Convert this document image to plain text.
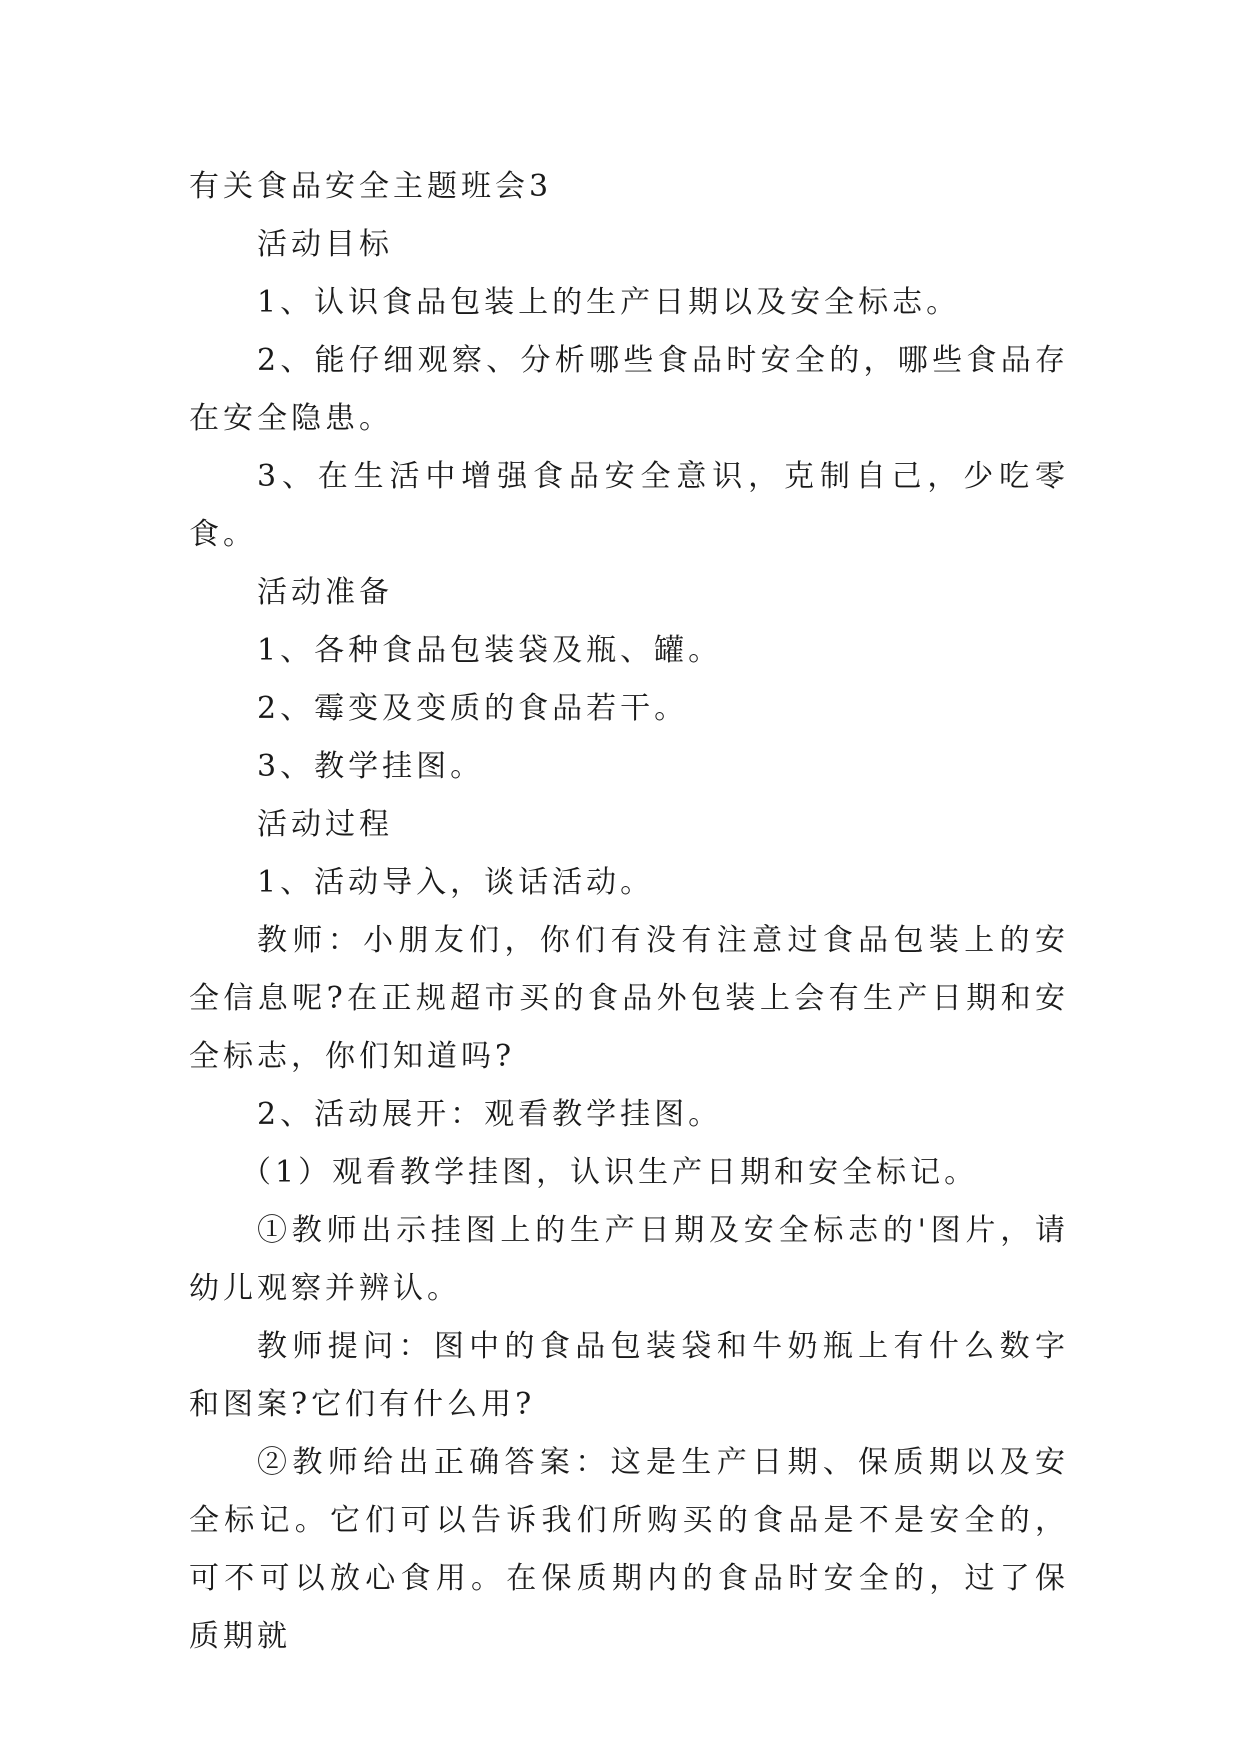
有关食品安全主题班会3

活动目标

1、认识食品包装上的生产日期以及安全标志。

2、能仔细观察、分析哪些食品时安全的，哪些食品存在安全隐患。

3、在生活中增强食品安全意识，克制自己，少吃零食。

活动准备

1、各种食品包装袋及瓶、罐。

2、霉变及变质的食品若干。

3、教学挂图。

活动过程

1、活动导入，谈话活动。

教师：小朋友们，你们有没有注意过食品包装上的安全信息呢?在正规超市买的食品外包装上会有生产日期和安全标志，你们知道吗?

2、活动展开：观看教学挂图。

（1）观看教学挂图，认识生产日期和安全标记。

①教师出示挂图上的生产日期及安全标志的'图片，请幼儿观察并辨认。

教师提问：图中的食品包装袋和牛奶瓶上有什么数字和图案?它们有什么用?

②教师给出正确答案：这是生产日期、保质期以及安全标记。它们可以告诉我们所购买的食品是不是安全的，可不可以放心食用。在保质期内的食品时安全的，过了保质期就
